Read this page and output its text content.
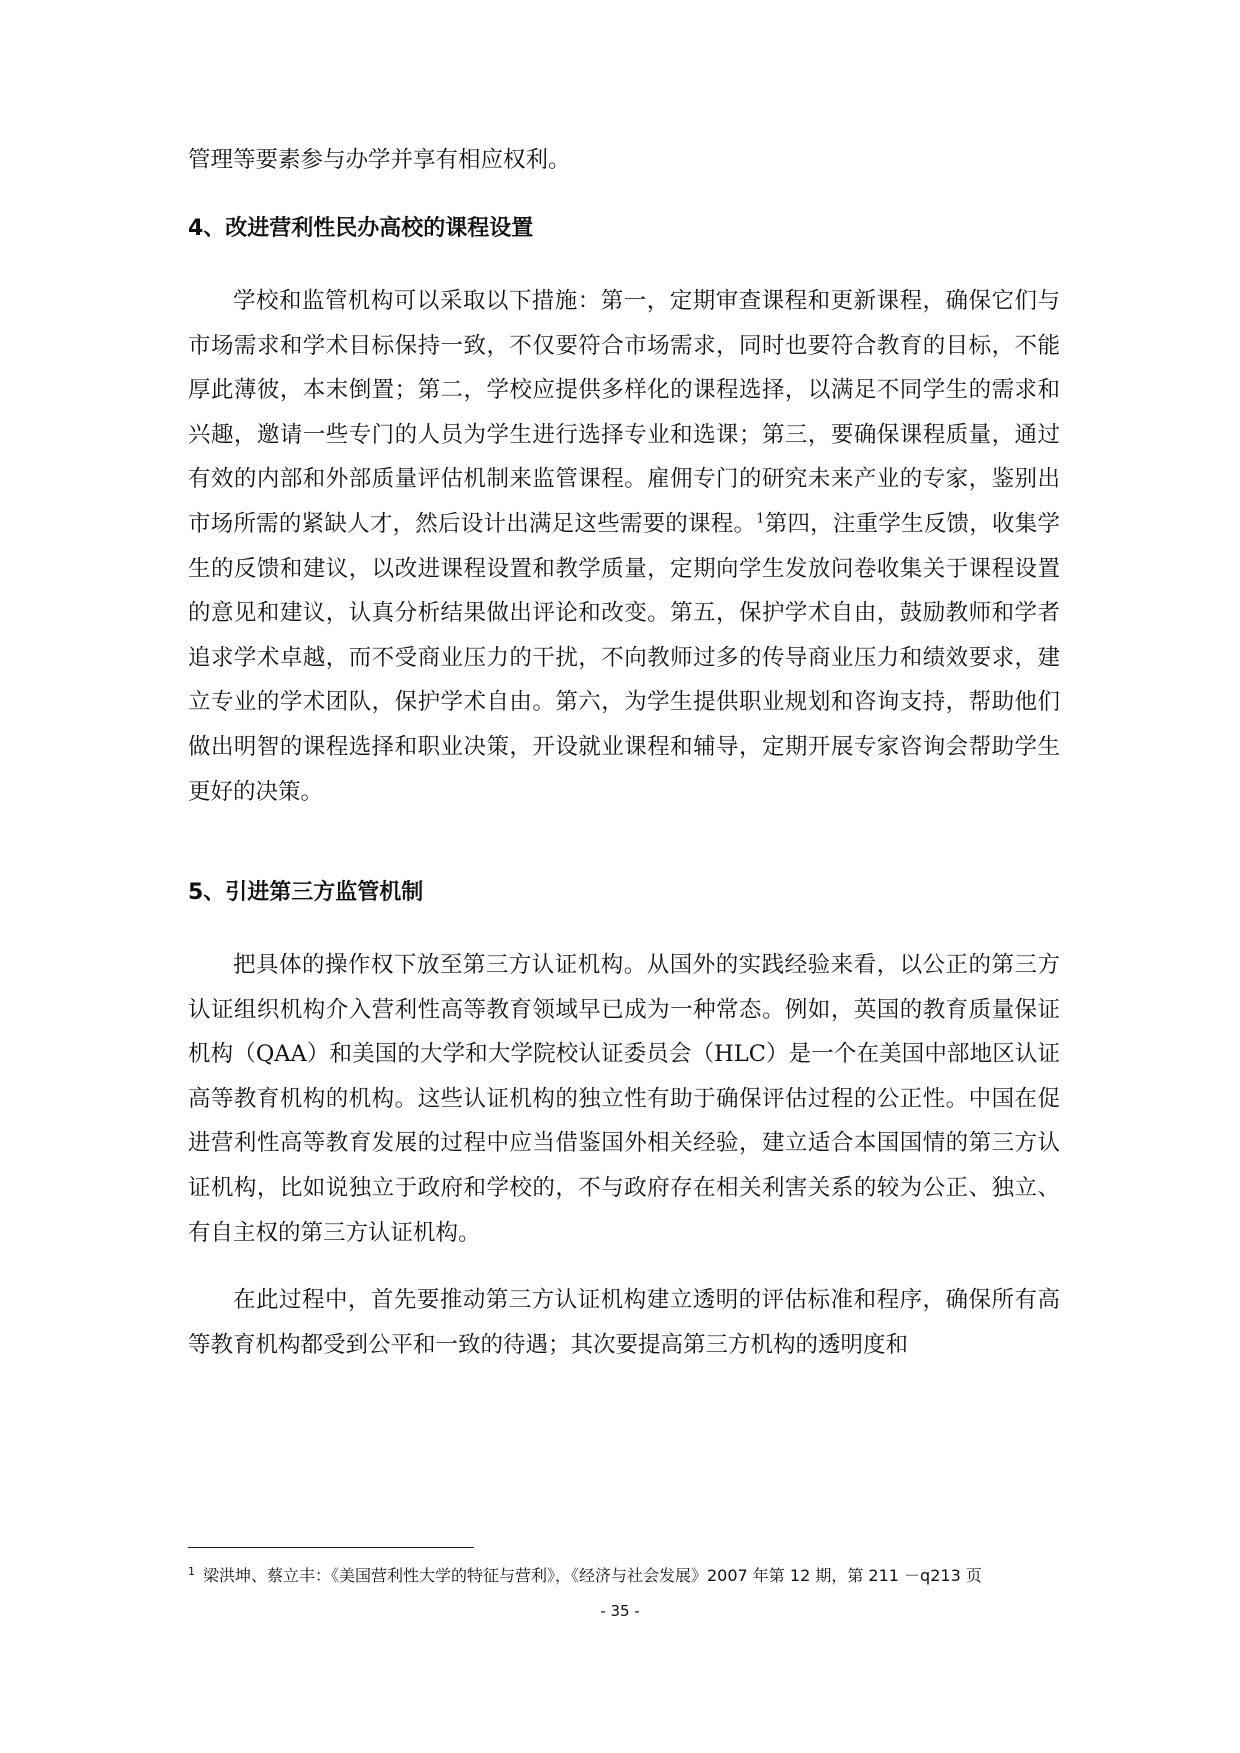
管理等要素参与办学并享有相应权利。

4、改进营利性民办高校的课程设置

学校和监管机构可以采取以下措施：第一，定期审查课程和更新课程，确保它们与市场需求和学术目标保持一致，不仅要符合市场需求，同时也要符合教育的目标，不能厚此薄彼，本末倒置；第二，学校应提供多样化的课程选择，以满足不同学生的需求和兴趣，邀请一些专门的人员为学生进行选择专业和选课；第三，要确保课程质量，通过有效的内部和外部质量评估机制来监管课程。雇佣专门的研究未来产业的专家，鉴别出市场所需的紧缺人才，然后设计出满足这些需要的课程。$^1$第四，注重学生反馈，收集学生的反馈和建议，以改进课程设置和教学质量，定期向学生发放问卷收集关于课程设置的意见和建议，认真分析结果做出评论和改变。第五，保护学术自由，鼓励教师和学者追求学术卓越，而不受商业压力的干扰，不向教师过多的传导商业压力和绩效要求，建立专业的学术团队，保护学术自由。第六，为学生提供职业规划和咨询支持，帮助他们做出明智的课程选择和职业决策，开设就业课程和辅导，定期开展专家咨询会帮助学生更好的决策。

5、引进第三方监管机制

把具体的操作权下放至第三方认证机构。从国外的实践经验来看，以公正的第三方认证组织机构介入营利性高等教育领域早已成为一种常态。例如，英国的教育质量保证机构（QAA）和美国的大学和大学院校认证委员会（HLC）是一个在美国中部地区认证高等教育机构的机构。这些认证机构的独立性有助于确保评估过程的公正性。中国在促进营利性高等教育发展的过程中应当借鉴国外相关经验，建立适合本国国情的第三方认证机构，比如说独立于政府和学校的，不与政府存在相关利害关系的较为公正、独立、有自主权的第三方认证机构。

在此过程中，首先要推动第三方认证机构建立透明的评估标准和程序，确保所有高等教育机构都受到公平和一致的待遇；其次要提高第三方机构的透明度和

$^1$ 梁洪坤、蔡立丰：《美国营利性大学的特征与营利》，《经济与社会发展》2007 年第 12 期，第 211 －q213 页
- 35 -
